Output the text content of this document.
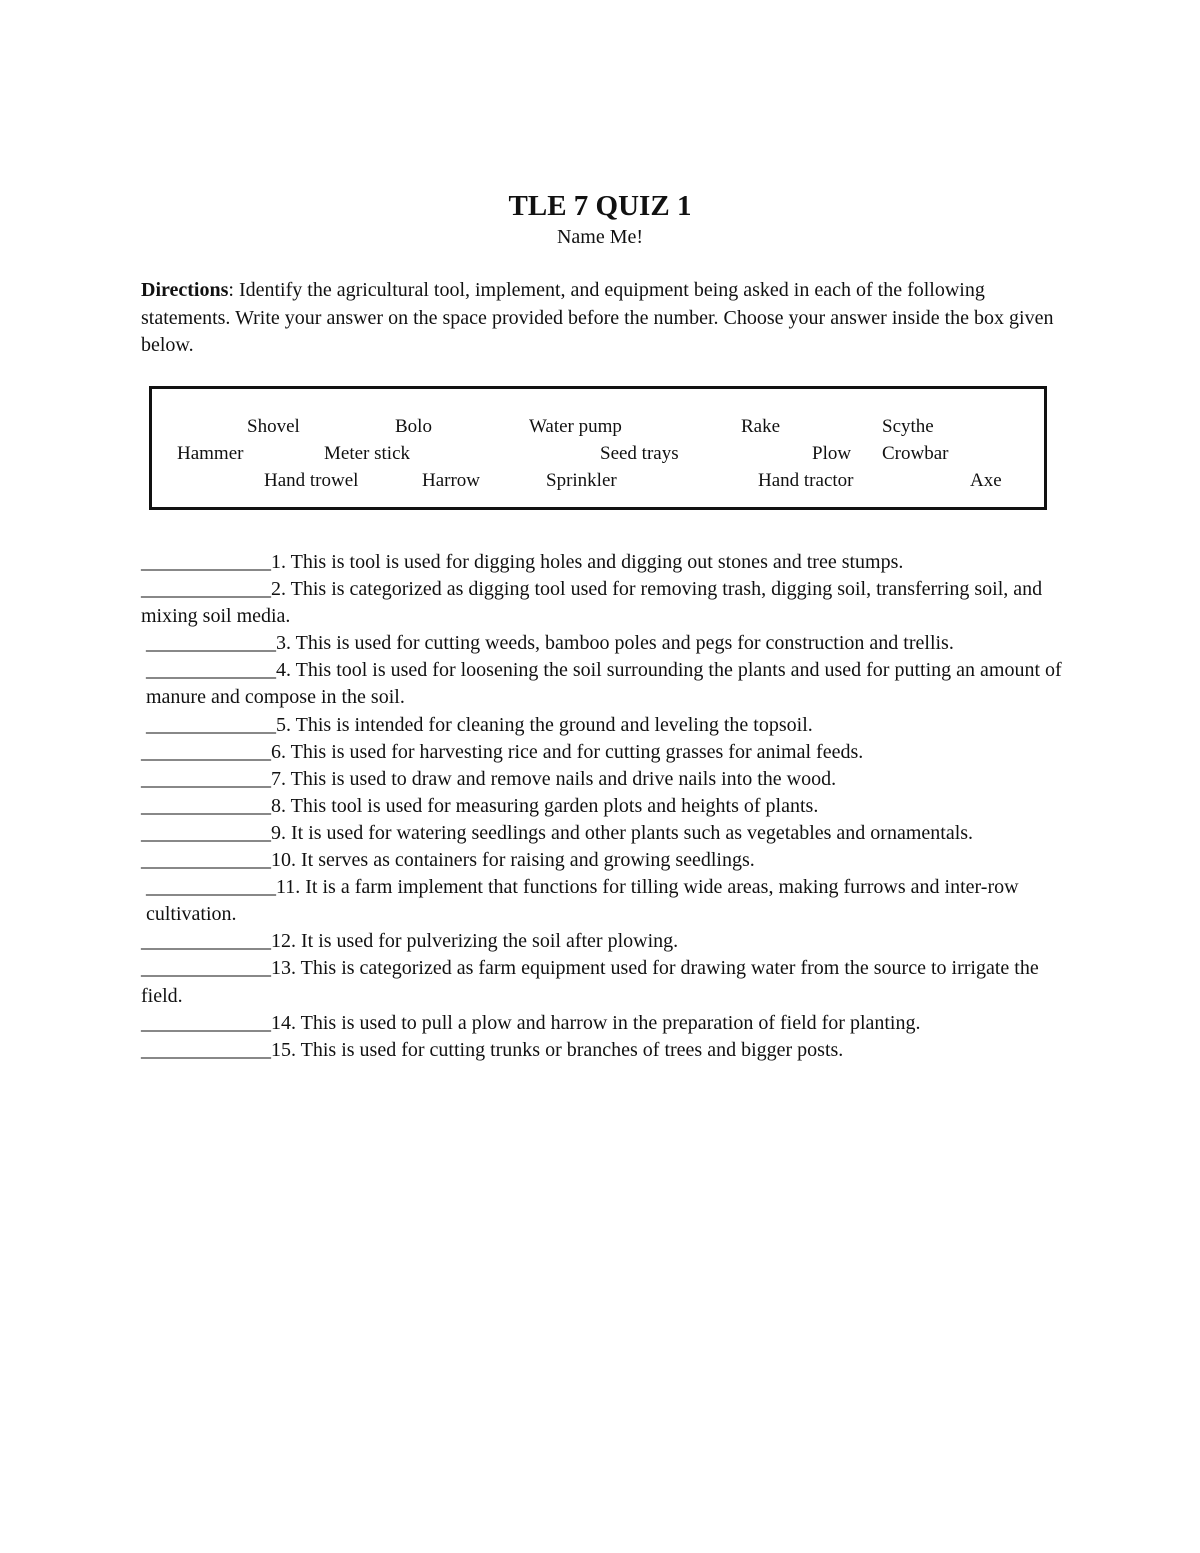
TLE 7 QUIZ 1

Name Me!

Directions: Identify the agricultural tool, implement, and equipment being asked in each of the following statements. Write your answer on the space provided before the number. Choose your answer inside the box given below.

Shovel	Bolo	Water pump	Rake	Scythe
Hammer	Meter stick	Seed trays	Plow Crowbar
Hand trowel	Harrow	Sprinkler	Hand tractor	Axe
_____________1. This is tool is used for digging holes and digging out stones and tree stumps.
_____________2. This is categorized as digging tool used for removing trash, digging soil, transferring soil, and mixing soil media.
_____________3. This is used for cutting weeds, bamboo poles and pegs for construction and trellis.
_____________4. This tool is used for loosening the soil surrounding the plants and used for putting an amount of manure and compose in the soil.
_____________5. This is intended for cleaning the ground and leveling the topsoil.
_____________6. This is used for harvesting rice and for cutting grasses for animal feeds.
_____________7. This is used to draw and remove nails and drive nails into the wood.
_____________8. This tool is used for measuring garden plots and heights of plants.
_____________9. It is used for watering seedlings and other plants such as vegetables and ornamentals.
_____________10. It serves as containers for raising and growing seedlings.
_____________11. It is a farm implement that functions for tilling wide areas, making furrows and inter-row cultivation.
_____________12. It is used for pulverizing the soil after plowing.
_____________13. This is categorized as farm equipment used for drawing water from the source to irrigate the field.
_____________14. This is used to pull a plow and harrow in the preparation of field for planting.
_____________15. This is used for cutting trunks or branches of trees and bigger posts.
